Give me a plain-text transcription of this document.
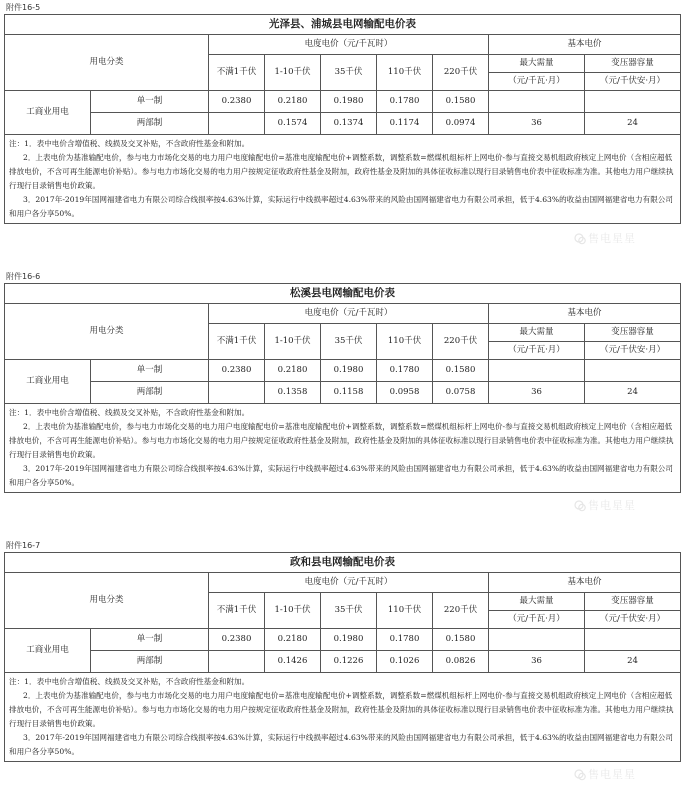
附件16-5
光泽县、浦城县电网输配电价表								
用电分类		电度电价（元/千瓦时）					基本电价	
		不满1千伏	1-10千伏	35千伏	110千伏	220千伏	最大需量	变压器容量
							（元/千瓦·月）	（元/千伏安·月）
工商业用电	单一制	0.2380	0.2180	0.1980	0.1780	0.1580		
	两部制		0.1574	0.1374	0.1174	0.0974	36	24

注：1．表中电价含增值税、线损及交叉补贴，不含政府性基金和附加。

2．上表电价为基准输配电价，参与电力市场化交易的电力用户电度输配电价=基准电度输配电价+调整系数，调整系数=燃煤机组标杆上网电价-参与直接交易机组政府核定上网电价（含相应超低排放电价，不含可再生能源电价补贴）。参与电力市场化交易的电力用户按规定征收政府性基金及附加，政府性基金及附加的具体征收标准以现行目录销售电价表中征收标准为准。其他电力用户继续执行现行目录销售电价政策。

3．2017年-2019年国网福建省电力有限公司综合线损率按4.63%计算，实际运行中线损率超过4.63%带来的风险由国网福建省电力有限公司承担，低于4.63%的收益由国网福建省电力有限公司和用户各分享50%。								

附件16-6
松溪县电网输配电价表								
用电分类		电度电价（元/千瓦时）					基本电价	
		不满1千伏	1-10千伏	35千伏	110千伏	220千伏	最大需量	变压器容量
							（元/千瓦·月）	（元/千伏安·月）
工商业用电	单一制	0.2380	0.2180	0.1980	0.1780	0.1580		
	两部制		0.1358	0.1158	0.0958	0.0758	36	24

注：1．表中电价含增值税、线损及交叉补贴，不含政府性基金和附加。

2．上表电价为基准输配电价，参与电力市场化交易的电力用户电度输配电价=基准电度输配电价+调整系数，调整系数=燃煤机组标杆上网电价-参与直接交易机组政府核定上网电价（含相应超低排放电价，不含可再生能源电价补贴）。参与电力市场化交易的电力用户按规定征收政府性基金及附加，政府性基金及附加的具体征收标准以现行目录销售电价表中征收标准为准。其他电力用户继续执行现行目录销售电价政策。

3．2017年-2019年国网福建省电力有限公司综合线损率按4.63%计算，实际运行中线损率超过4.63%带来的风险由国网福建省电力有限公司承担，低于4.63%的收益由国网福建省电力有限公司和用户各分享50%。								

附件16-7
政和县电网输配电价表								
用电分类		电度电价（元/千瓦时）					基本电价	
		不满1千伏	1-10千伏	35千伏	110千伏	220千伏	最大需量	变压器容量
							（元/千瓦·月）	（元/千伏安·月）
工商业用电	单一制	0.2380	0.2180	0.1980	0.1780	0.1580		
	两部制		0.1426	0.1226	0.1026	0.0826	36	24

注：1．表中电价含增值税、线损及交叉补贴，不含政府性基金和附加。

2．上表电价为基准输配电价，参与电力市场化交易的电力用户电度输配电价=基准电度输配电价+调整系数，调整系数=燃煤机组标杆上网电价-参与直接交易机组政府核定上网电价（含相应超低排放电价，不含可再生能源电价补贴）。参与电力市场化交易的电力用户按规定征收政府性基金及附加，政府性基金及附加的具体征收标准以现行目录销售电价表中征收标准为准。其他电力用户继续执行现行目录销售电价政策。

3．2017年-2019年国网福建省电力有限公司综合线损率按4.63%计算，实际运行中线损率超过4.63%带来的风险由国网福建省电力有限公司承担，低于4.63%的收益由国网福建省电力有限公司和用户各分享50%。								

售电星星
售电星星
售电星星
